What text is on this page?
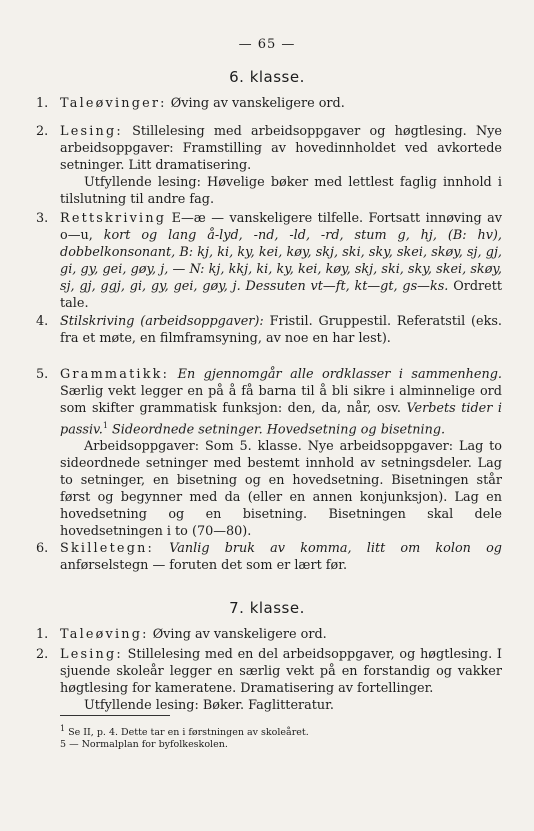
— 65 —
6. klasse.
1. Taleøvinger: Øving av vanskeligere ord.
2. Lesing: Stillelesing med arbeidsoppgaver og høgtlesing. Nye arbeidsoppgaver: Framstilling av hovedinnholdet ved avkortede setninger. Litt dramatisering.
Utfyllende lesing: Høvelige bøker med lettlest faglig innhold i tilslutning til andre fag.
3. Rettskriving E—æ — vanskeligere tilfelle. Fortsatt innøving av o—u, kort og lang å-lyd, -nd, -ld, -rd, stum g, hj, (B: hv), dobbelkonsonant, B: kj, ki, ky, kei, køy, skj, ski, sky, skei, skøy, sj, gj, gi, gy, gei, gøy, j, — N: kj, kkj, ki, ky, kei, køy, skj, ski, sky, skei, skøy, sj, gj, ggj, gi, gy, gei, gøy, j. Dessuten vt—ft, kt—gt, gs—ks. Ordrett tale.
4. Stilskriving (arbeidsoppgaver): Fristil. Gruppestil. Referatstil (eks. fra et møte, en filmframsyning, av noe en har lest).
5. Grammatikk: En gjennomgår alle ordklasser i sammenheng. Særlig vekt legger en på å få barna til å bli sikre i alminnelige ord som skifter grammatisk funksjon: den, da, når, osv. Verbets tider i passiv.$^1$ Sideordnede setninger. Hovedsetning og bisetning.
Arbeidsoppgaver: Som 5. klasse. Nye arbeidsoppgaver: Lag to sideordnede setninger med bestemt innhold av setningsdeler. Lag to setninger, en bisetning og en hovedsetning. Bisetningen står først og begynner med da (eller en annen konjunksjon). Lag en hovedsetning og en bisetning. Bisetningen skal dele hovedsetningen i to (70—80).
6. Skilletegn: Vanlig bruk av komma, litt om kolon og anførselstegn — foruten det som er lært før.
7. klasse.
1. Taleøving: Øving av vanskeligere ord.
2. Lesing: Stillelesing med en del arbeidsoppgaver, og høgtlesing. I sjuende skoleår legger en særlig vekt på en forstandig og vakker høgtlesing for kameratene. Dramatisering av fortellinger.
Utfyllende lesing: Bøker. Faglitteratur.
$^1$ Se II, p. 4. Dette tar en i førstningen av skoleåret.
5 — Normalplan for byfolkeskolen.
